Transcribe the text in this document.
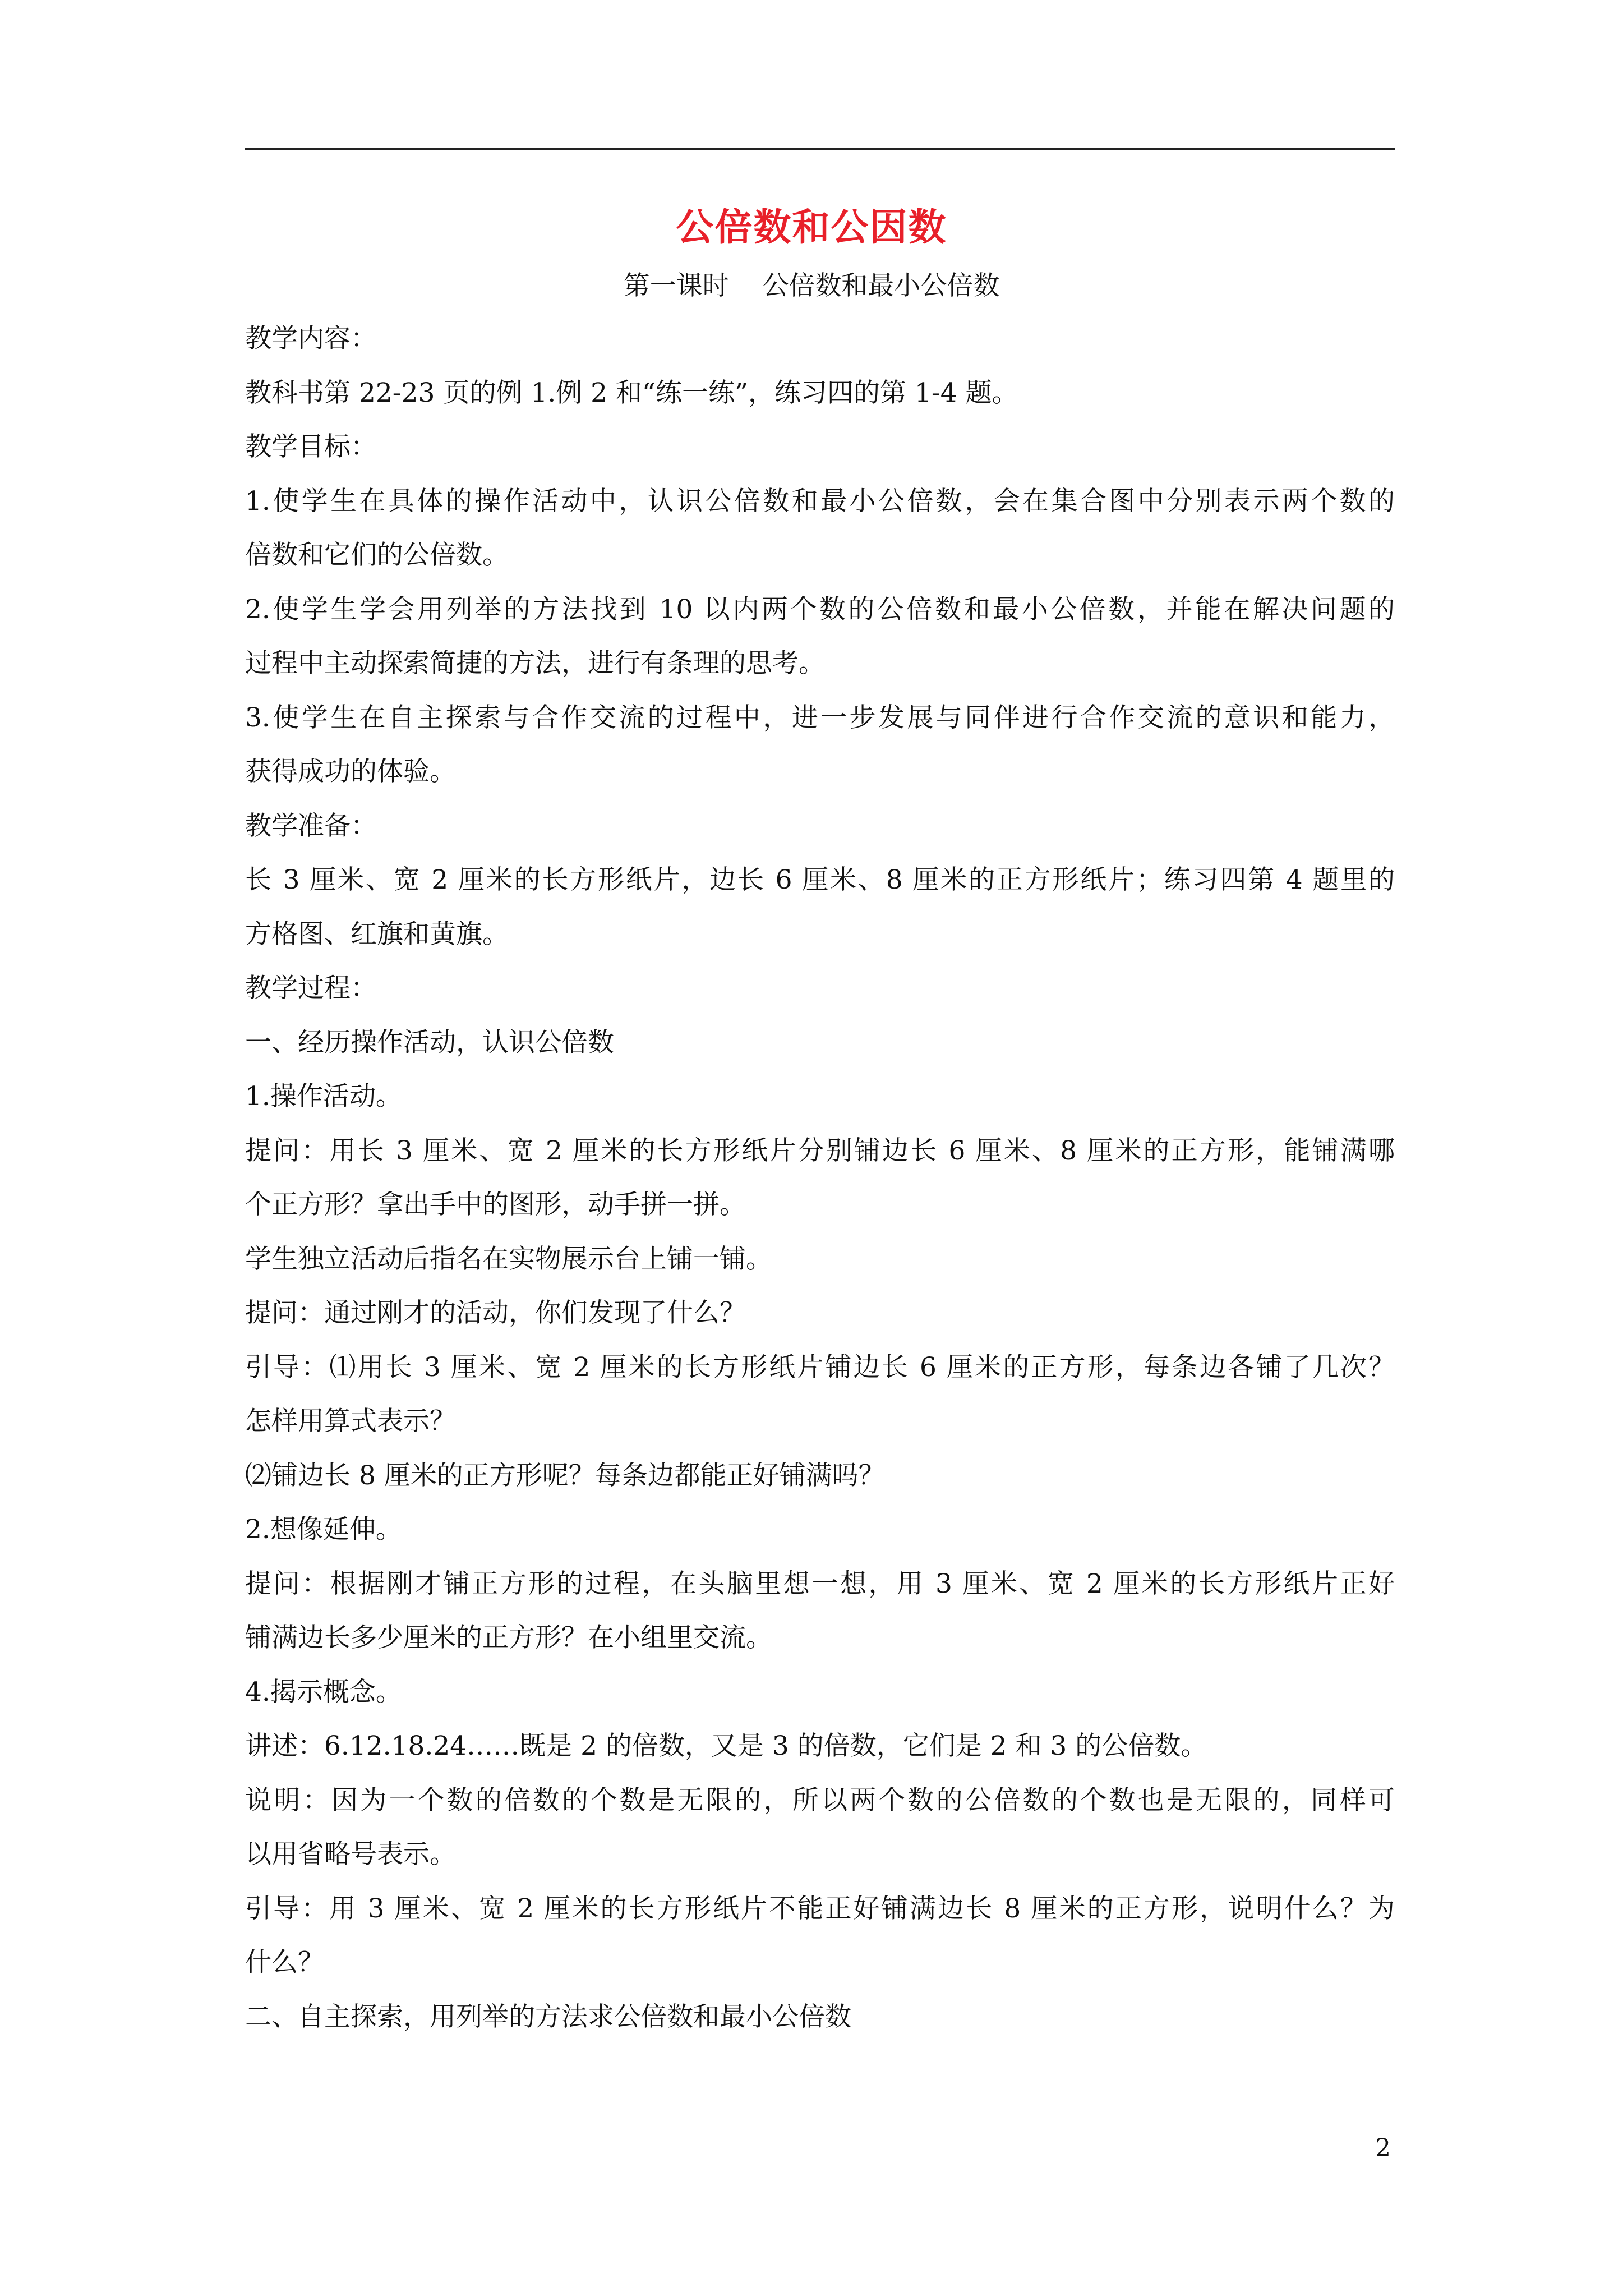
公倍数和公因数
第一课时    公倍数和最小公倍数
教学内容：
教科书第 22-23 页的例 1.例 2 和“练一练”，练习四的第 1-4 题。
教学目标：
1.使学生在具体的操作活动中，认识公倍数和最小公倍数，会在集合图中分别表示两个数的
倍数和它们的公倍数。
2.使学生学会用列举的方法找到 10 以内两个数的公倍数和最小公倍数，并能在解决问题的
过程中主动探索简捷的方法，进行有条理的思考。
3.使学生在自主探索与合作交流的过程中，进一步发展与同伴进行合作交流的意识和能力，
获得成功的体验。
教学准备：
长 3 厘米、宽 2 厘米的长方形纸片，边长 6 厘米、8 厘米的正方形纸片；练习四第 4 题里的
方格图、红旗和黄旗。
教学过程：
一、经历操作活动，认识公倍数
1.操作活动。
提问：用长 3 厘米、宽 2 厘米的长方形纸片分别铺边长 6 厘米、8 厘米的正方形，能铺满哪
个正方形？拿出手中的图形，动手拼一拼。
学生独立活动后指名在实物展示台上铺一铺。
提问：通过刚才的活动，你们发现了什么？
引导：⑴用长 3 厘米、宽 2 厘米的长方形纸片铺边长 6 厘米的正方形，每条边各铺了几次？
怎样用算式表示？
⑵铺边长 8 厘米的正方形呢？每条边都能正好铺满吗？
2.想像延伸。
提问：根据刚才铺正方形的过程，在头脑里想一想，用 3 厘米、宽 2 厘米的长方形纸片正好
铺满边长多少厘米的正方形？在小组里交流。
4.揭示概念。
讲述：6.12.18.24……既是 2 的倍数，又是 3 的倍数，它们是 2 和 3 的公倍数。
说明：因为一个数的倍数的个数是无限的，所以两个数的公倍数的个数也是无限的，同样可
以用省略号表示。
引导：用 3 厘米、宽 2 厘米的长方形纸片不能正好铺满边长 8 厘米的正方形，说明什么？为
什么？
二、自主探索，用列举的方法求公倍数和最小公倍数
2
